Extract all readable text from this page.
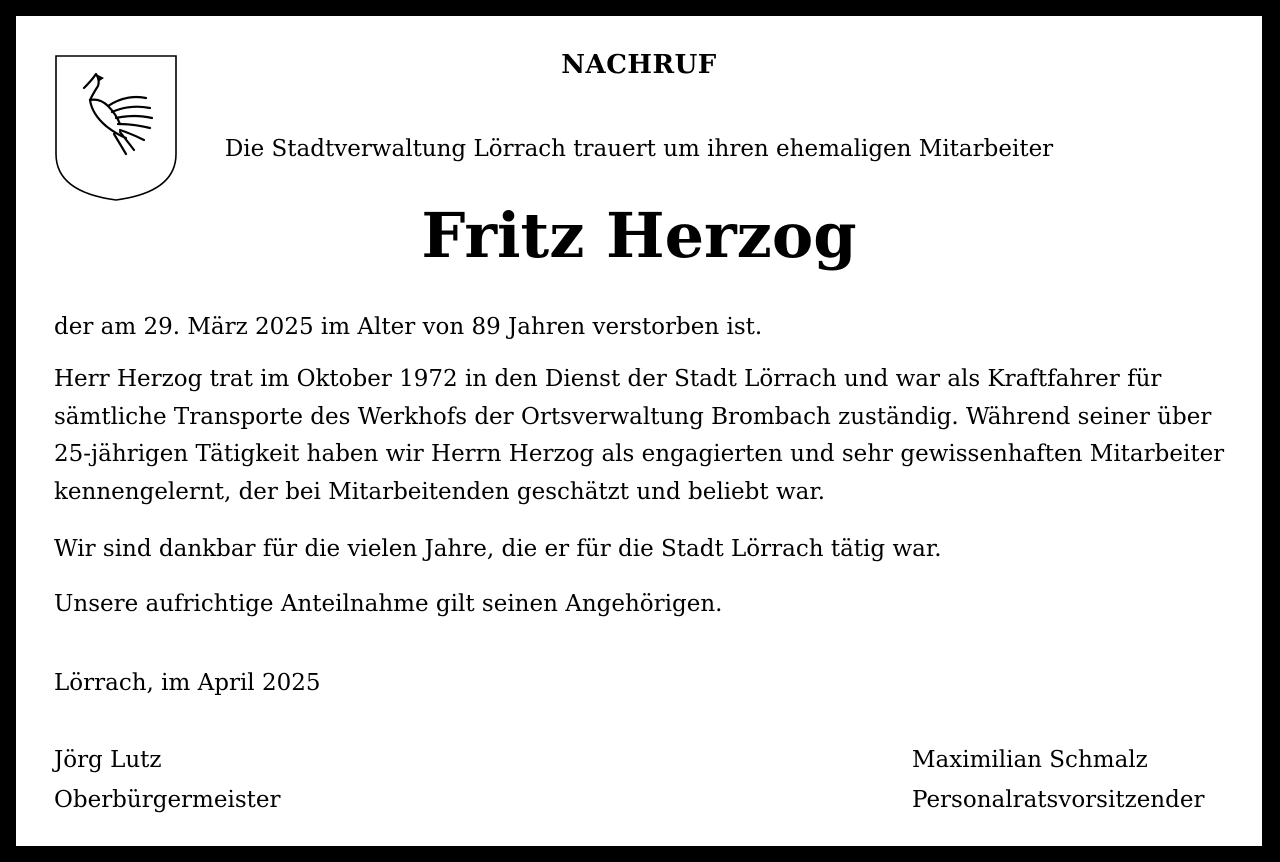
NACHRUF
Die Stadtverwaltung Lörrach trauert um ihren ehemaligen Mitarbeiter
Fritz Herzog
der am 29. März 2025 im Alter von 89 Jahren verstorben ist.
Herr Herzog trat im Oktober 1972 in den Dienst der Stadt Lörrach und war als Kraftfahrer für sämtliche Transporte des Werkhofs der Ortsverwaltung Brombach zuständig. Während seiner über 25-jährigen Tätigkeit haben wir Herrn Herzog als engagierten und sehr gewissenhaften Mitarbeiter kennengelernt, der bei Mitarbeitenden geschätzt und beliebt war.
Wir sind dankbar für die vielen Jahre, die er für die Stadt Lörrach tätig war.
Unsere aufrichtige Anteilnahme gilt seinen Angehörigen.
Lörrach, im April 2025
Jörg Lutz
Oberbürgermeister
Maximilian Schmalz
Personalratsvorsitzender
